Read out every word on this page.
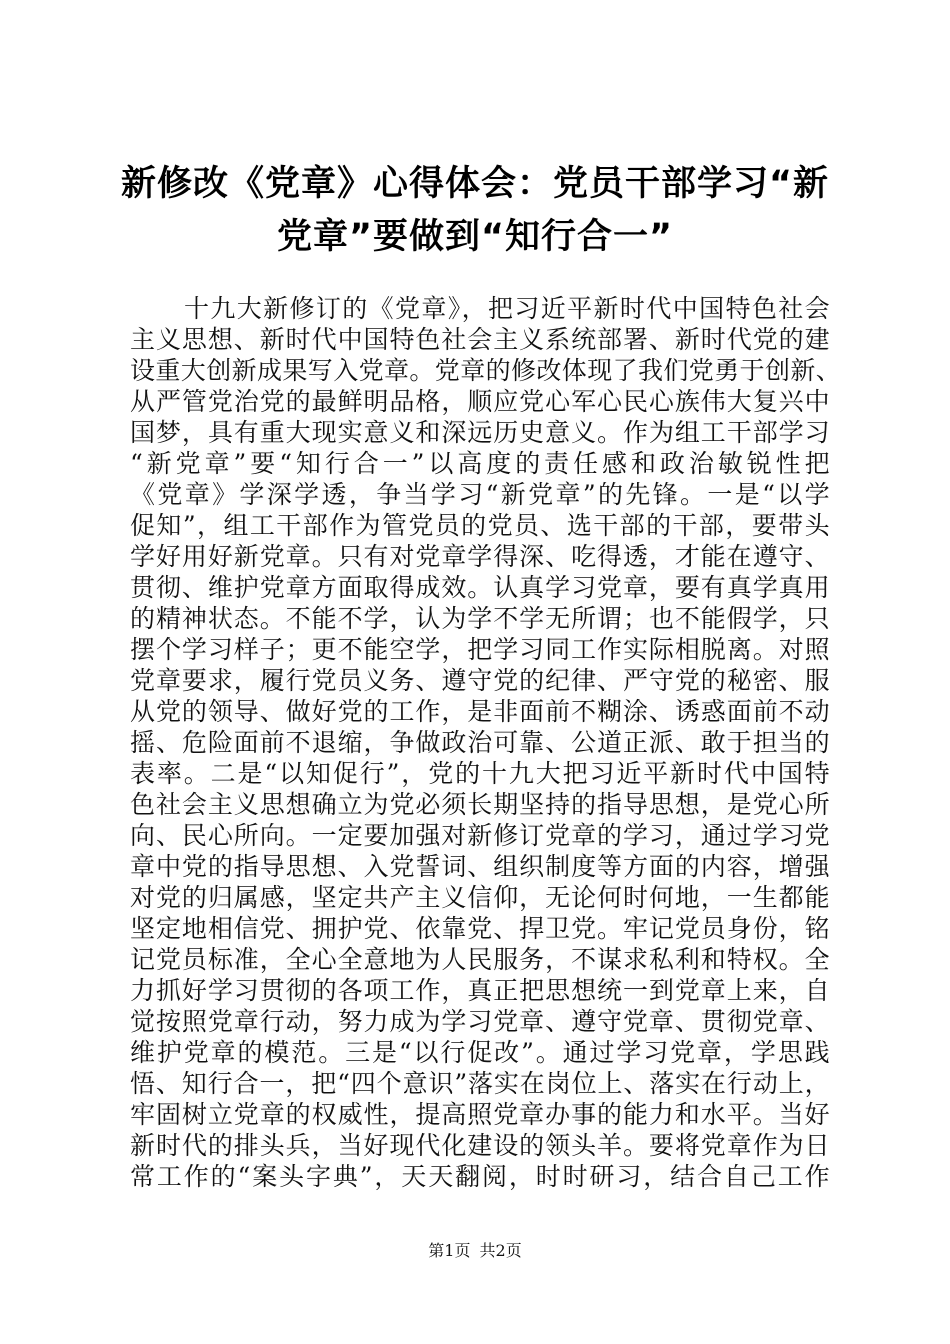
新修改《党章》心得体会：党员干部学习“新
党章”要做到“知行合一”
十九大新修订的《党章》，把习近平新时代中国特色社会
主义思想、新时代中国特色社会主义系统部署、新时代党的建
设重大创新成果写入党章。党章的修改体现了我们党勇于创新、
从严管党治党的最鲜明品格，顺应党心军心民心族伟大复兴中
国梦，具有重大现实意义和深远历史意义。作为组工干部学习
“新党章”要“知行合一”以高度的责任感和政治敏锐性把
《党章》学深学透，争当学习“新党章”的先锋。一是“以学
促知”，组工干部作为管党员的党员、选干部的干部，要带头
学好用好新党章。只有对党章学得深、吃得透，才能在遵守、
贯彻、维护党章方面取得成效。认真学习党章，要有真学真用
的精神状态。不能不学，认为学不学无所谓；也不能假学，只
摆个学习样子；更不能空学，把学习同工作实际相脱离。对照
党章要求，履行党员义务、遵守党的纪律、严守党的秘密、服
从党的领导、做好党的工作，是非面前不糊涂、诱惑面前不动
摇、危险面前不退缩，争做政治可靠、公道正派、敢于担当的
表率。二是“以知促行”，党的十九大把习近平新时代中国特
色社会主义思想确立为党必须长期坚持的指导思想，是党心所
向、民心所向。一定要加强对新修订党章的学习，通过学习党
章中党的指导思想、入党誓词、组织制度等方面的内容，增强
对党的归属感，坚定共产主义信仰，无论何时何地，一生都能
坚定地相信党、拥护党、依靠党、捍卫党。牢记党员身份，铭
记党员标准，全心全意地为人民服务，不谋求私利和特权。全
力抓好学习贯彻的各项工作，真正把思想统一到党章上来，自
觉按照党章行动，努力成为学习党章、遵守党章、贯彻党章、
维护党章的模范。三是“以行促改”。通过学习党章，学思践
悟、知行合一，把“四个意识”落实在岗位上、落实在行动上，
牢固树立党章的权威性，提高照党章办事的能力和水平。当好
新时代的排头兵，当好现代化建设的领头羊。要将党章作为日
常工作的“案头字典”，天天翻阅，时时研习，结合自己工作
第1页 共2页
